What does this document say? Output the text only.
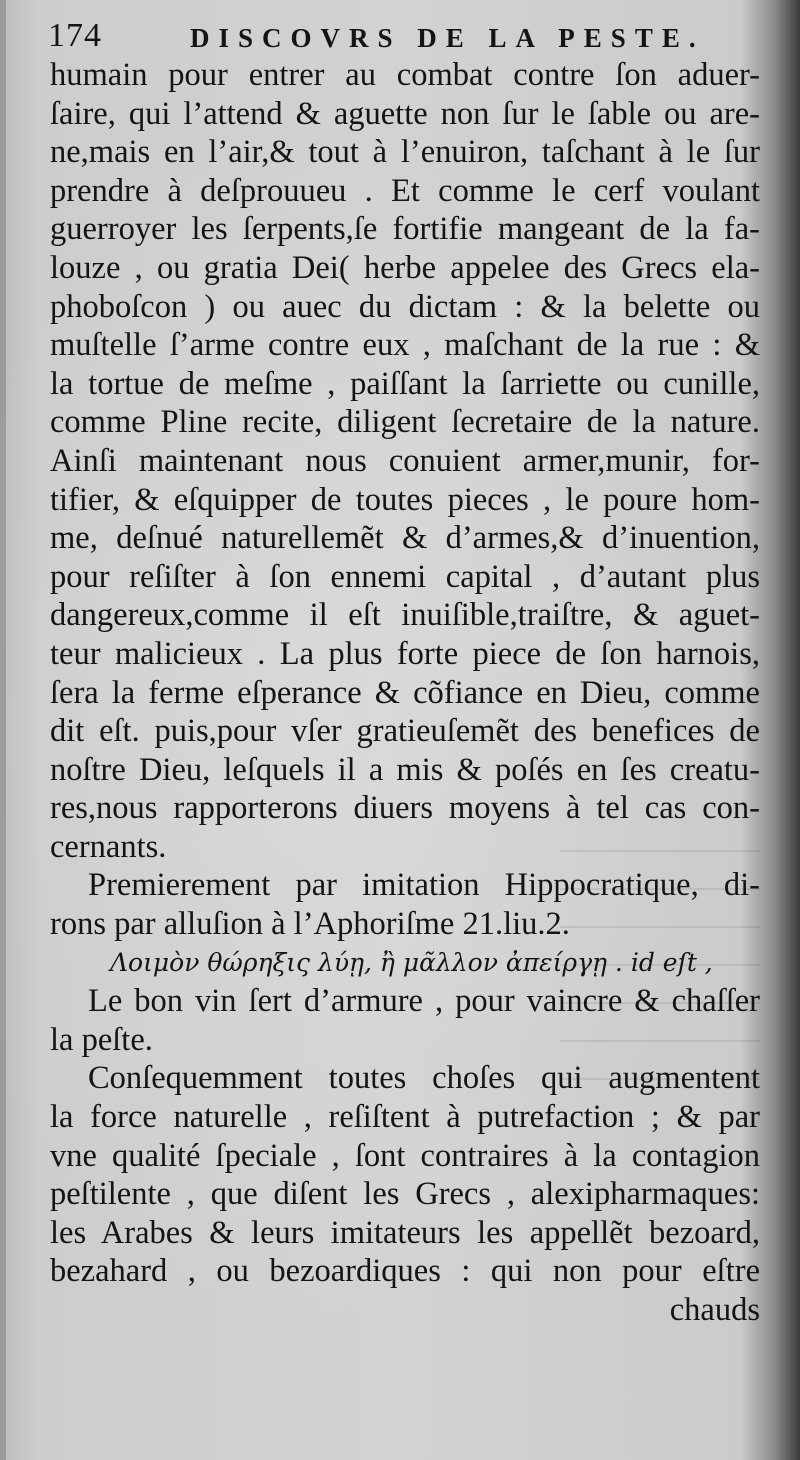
174	DISCOVRS DE LA PESTE.
humain pour entrer au combat contre ſon aduer-
ſaire, qui l’attend & aguette non ſur le ſable ou are-
ne,mais en l’air,& tout à l’enuiron, taſchant à le ſur
prendre à deſprouueu . Et comme le cerf voulant
guerroyer les ſerpents,ſe fortifie mangeant de la fa-
louze , ou gratia Dei( herbe appelee des Grecs ela-
phoboſcon ) ou auec du dictam : & la belette ou
muſtelle ſ’arme contre eux , maſchant de la rue : &
la tortue de meſme , paiſſant la ſarriette ou cunille,
comme Pline recite, diligent ſecretaire de la nature.
Ainſi maintenant nous conuient armer,munir, for-
tifier, & eſquipper de toutes pieces , le poure hom-
me, deſnué naturellemẽt & d’armes,& d’inuention,
pour reſiſter à ſon ennemi capital , d’autant plus
dangereux,comme il eſt inuiſible,traiſtre, & aguet-
teur malicieux . La plus forte piece de ſon harnois,
ſera la ferme eſperance & cõfiance en Dieu, comme
dit eſt. puis,pour vſer gratieuſemẽt des benefices de
noſtre Dieu, leſquels il a mis & poſés en ſes creatu-
res,nous rapporterons diuers moyens à tel cas con-
cernants.
Premierement par imitation Hippocratique, di-
rons par alluſion à l’Aphoriſme 21.liu.2.
Λοιμὸν θώρηξις λύῃ, ἢ μᾶλλον ἀπείργῃ . id eſt ,
Le bon vin ſert d’armure , pour vaincre & chaſſer
la peſte.
Conſequemment toutes choſes qui augmentent
la force naturelle , reſiſtent à putrefaction ; & par
vne qualité ſpeciale , ſont contraires à la contagion
peſtilente , que diſent les Grecs , alexipharmaques:
les Arabes & leurs imitateurs les appellẽt bezoard,
bezahard , ou bezoardiques : qui non pour eſtre
chauds
